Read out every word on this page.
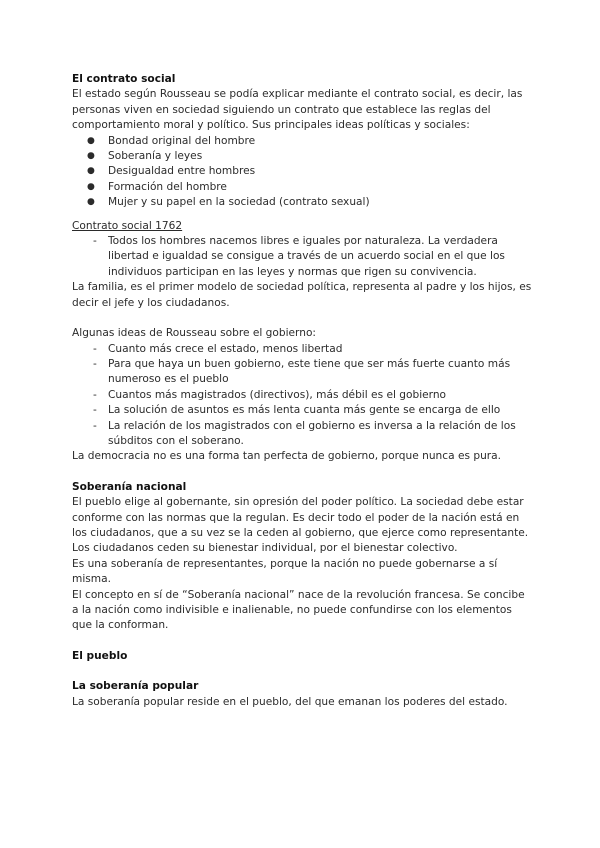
El contrato social

El estado según Rousseau se podía explicar mediante el contrato social, es decir, las personas viven en sociedad siguiendo un contrato que establece las reglas del comportamiento moral y político. Sus principales ideas políticas y sociales:

● Bondad original del hombre
● Soberanía y leyes
● Desigualdad entre hombres
● Formación del hombre
● Mujer y su papel en la sociedad (contrato sexual)

Contrato social 1762

- Todos los hombres nacemos libres e iguales por naturaleza. La verdadera libertad e igualdad se consigue a través de un acuerdo social en el que los individuos participan en las leyes y normas que rigen su convivencia.

La familia, es el primer modelo de sociedad política, representa al padre y los hijos, es decir el jefe y los ciudadanos.

Algunas ideas de Rousseau sobre el gobierno:

- Cuanto más crece el estado, menos libertad
- Para que haya un buen gobierno, este tiene que ser más fuerte cuanto más numeroso es el pueblo
- Cuantos más magistrados (directivos), más débil es el gobierno
- La solución de asuntos es más lenta cuanta más gente se encarga de ello
- La relación de los magistrados con el gobierno es inversa a la relación de los súbditos con el soberano.

La democracia no es una forma tan perfecta de gobierno, porque nunca es pura.

Soberanía nacional

El pueblo elige al gobernante, sin opresión del poder político. La sociedad debe estar conforme con las normas que la regulan. Es decir todo el poder de la nación está en los ciudadanos, que a su vez se la ceden al gobierno, que ejerce como representante. Los ciudadanos ceden su bienestar individual, por el bienestar colectivo.

Es una soberanía de representantes, porque la nación no puede gobernarse a sí misma.

El concepto en sí de “Soberanía nacional” nace de la revolución francesa. Se concibe a la nación como indivisible e inalienable, no puede confundirse con los elementos que la conforman.

El pueblo

La soberanía popular

La soberanía popular reside en el pueblo, del que emanan los poderes del estado.
